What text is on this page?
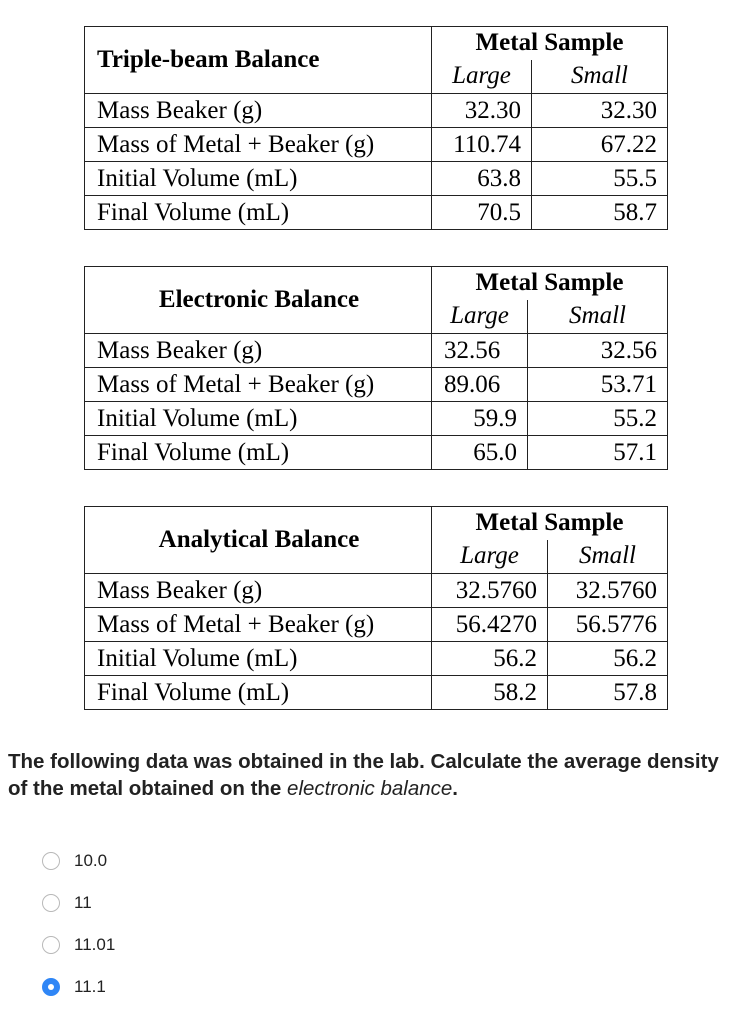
Triple-beam Balance	Metal Sample	
	Large	Small
Mass Beaker (g)	32.30	32.30
Mass of Metal + Beaker (g)	110.74	67.22
Initial Volume (mL)	63.8	55.5
Final Volume (mL)	70.5	58.7
Electronic Balance	Metal Sample	
	Large	Small
Mass Beaker (g)	32.56	32.56
Mass of Metal + Beaker (g)	89.06	53.71
Initial Volume (mL)	59.9	55.2
Final Volume (mL)	65.0	57.1
Analytical Balance	Metal Sample	
	Large	Small
Mass Beaker (g)	32.5760	32.5760
Mass of Metal + Beaker (g)	56.4270	56.5776
Initial Volume (mL)	56.2	56.2
Final Volume (mL)	58.2	57.8
The following data was obtained in the lab. Calculate the average density of the metal obtained on the electronic balance.
10.0
11
11.01
11.1
